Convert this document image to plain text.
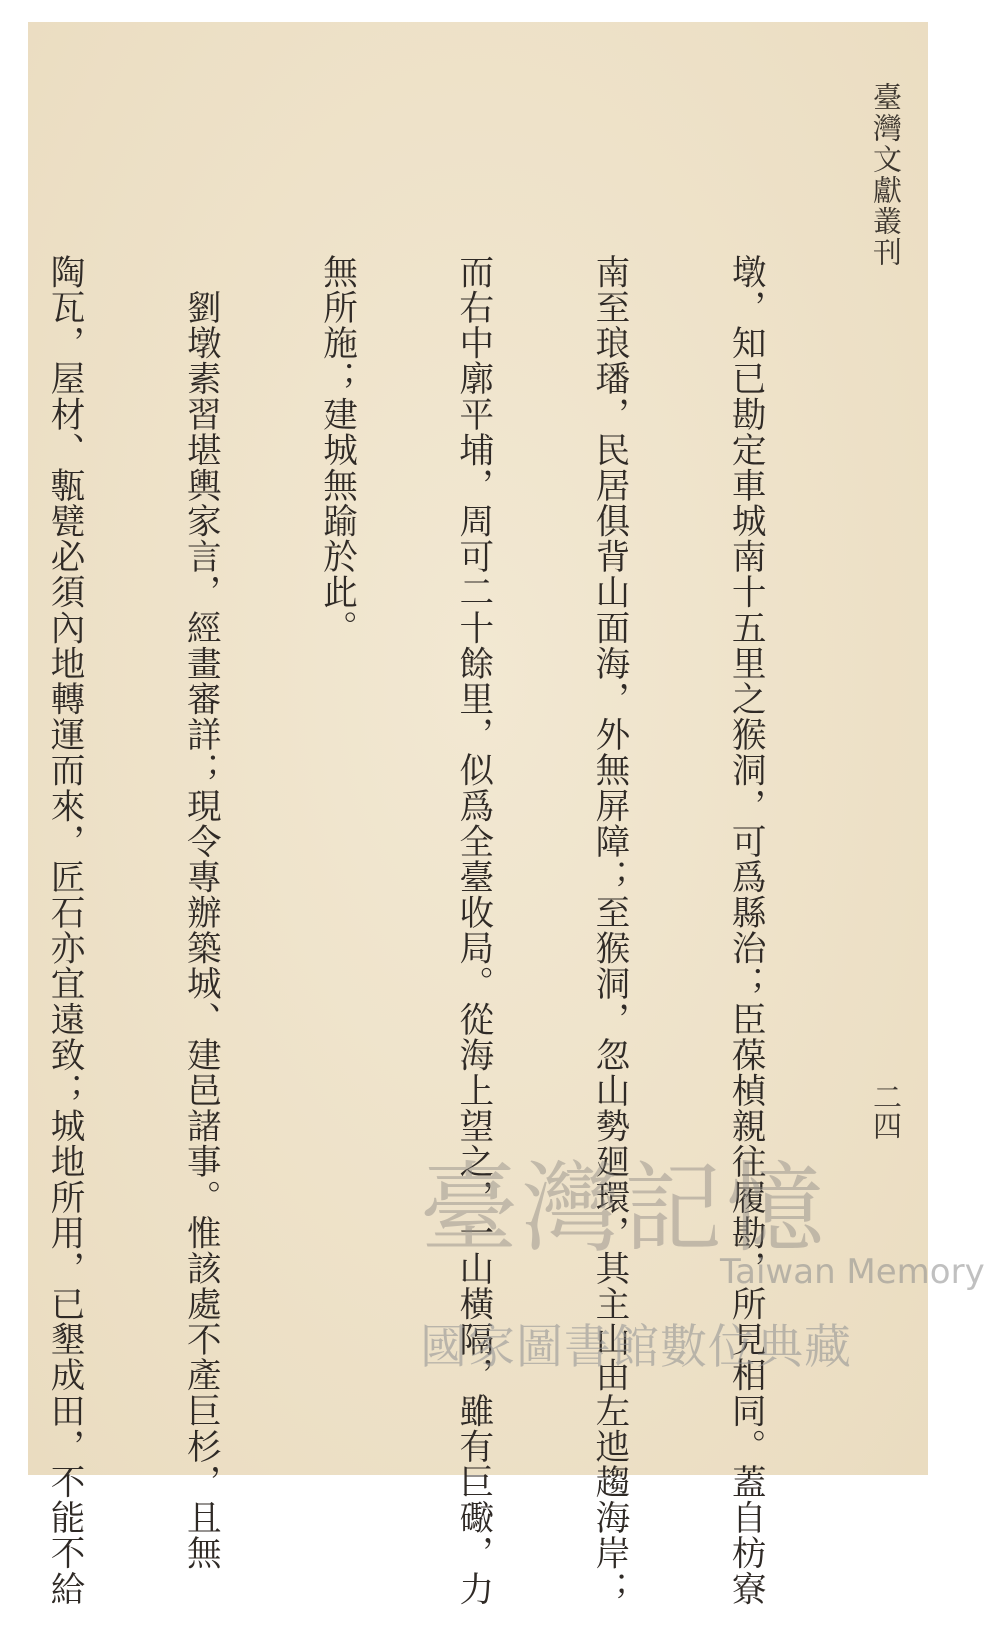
臺灣文獻叢刊
二四

墩，知已勘定車城南十五里之猴洞，可爲縣治；臣葆楨親往履勘，所見相同。蓋自枋寮

南至琅璠，民居俱背山面海，外無屏障；至猴洞，忽山勢廻環，其主山由左迆趨海岸；

而右中廓平埔，周可二十餘里，似爲全臺收局。從海上望之，一山橫隔，雖有巨礮，力

無所施；建城無踰於此。

　劉墩素習堪輿家言，經畫審詳；現令專辦築城、建邑諸事。惟該處不產巨杉，且無

陶瓦，屋材、甎甓必須內地轉運而來，匠石亦宜遠致；城地所用，已墾成田，不能不給

	臺灣記憶
Taiwan Memory
國家圖書館數位典藏
